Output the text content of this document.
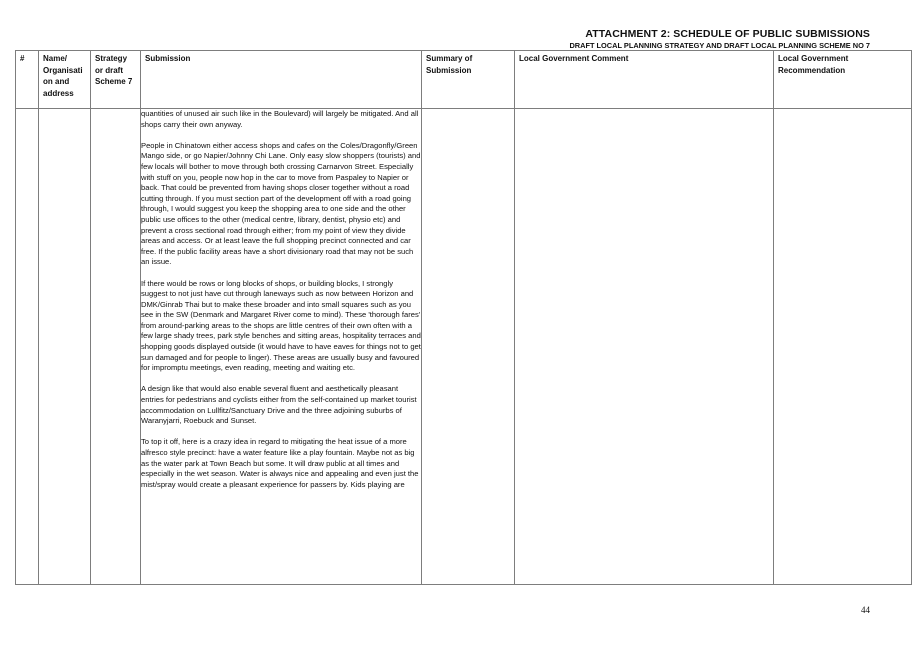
ATTACHMENT 2: SCHEDULE OF PUBLIC SUBMISSIONS
DRAFT LOCAL PLANNING STRATEGY AND DRAFT LOCAL PLANNING SCHEME NO 7
#	Name/ Organisati on and address	Strategy or draft Scheme 7	Submission	Summary of Submission	Local Government Comment	Local Government Recommendation

			quantities of unused air such like in the Boulevard) will largely be mitigated. And all shops carry their own anyway.

People in Chinatown either access shops and cafes on the Coles/Dragonfly/Green Mango side, or go Napier/Johnny Chi Lane. Only easy slow shoppers (tourists) and few locals will bother to move through both crossing Carnarvon Street. Especially with stuff on you, people now hop in the car to move from Paspaley to Napier or back. That could be prevented from having shops closer together without a road cutting through. If you must section part of the development off with a road going through, I would suggest you keep the shopping area to one side and the other public use offices to the other (medical centre, library, dentist, physio etc) and prevent a cross sectional road through either; from my point of view they divide areas and access. Or at least leave the full shopping precinct connected and car free. If the public facility areas have a short divisionary road that may not be such an issue.

If there would be rows or long blocks of shops, or building blocks, I strongly suggest to not just have cut through laneways such as now between Horizon and DMK/Ginrab Thai but to make these broader and into small squares such as you see in the SW (Denmark and Margaret River come to mind). These 'thorough fares' from around-parking areas to the shops are little centres of their own often with a few large shady trees, park style benches and sitting areas, hospitality terraces and shopping goods displayed outside (it would have to have eaves for things not to get sun damaged and for people to linger). These areas are usually busy and favoured for impromptu meetings, even reading, meeting and waiting etc.

A design like that would also enable several fluent and aesthetically pleasant entries for pedestrians and cyclists either from the self-contained up market tourist accommodation on Lullfitz/Sanctuary Drive and the three adjoining suburbs of Waranyjarri, Roebuck and Sunset.

To top it off, here is a crazy idea in regard to mitigating the heat issue of a more alfresco style precinct: have a water feature like a play fountain. Maybe not as big as the water park at Town Beach but some. It will draw public at all times and especially in the wet season. Water is always nice and appealing and even just the mist/spray would create a pleasant experience for passers by. Kids playing are			

44
